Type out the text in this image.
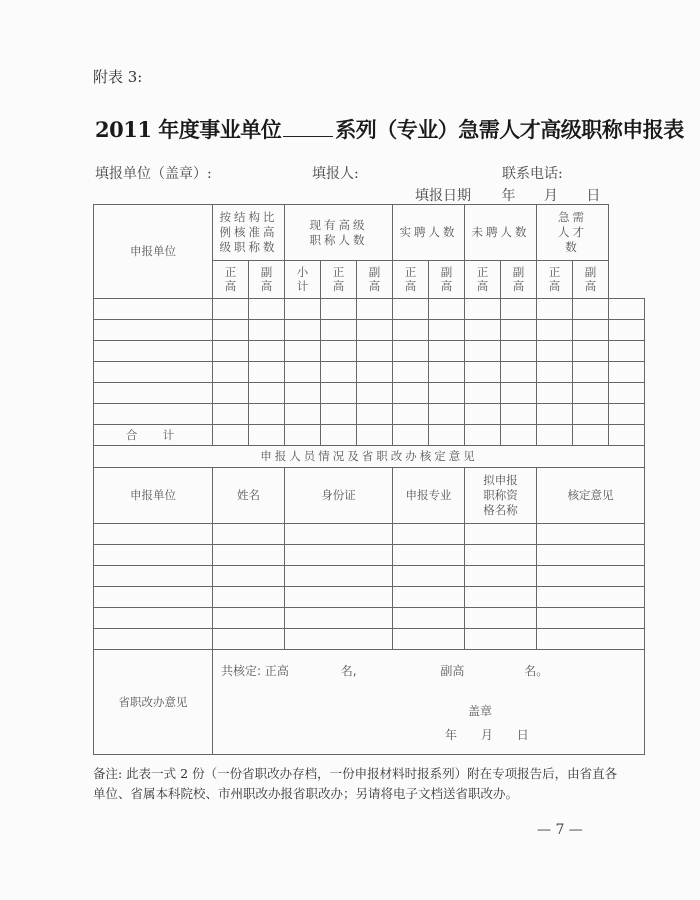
附表 3:
2011 年度事业单位	系列（专业）急需人才高级职称申报表
填报单位（盖章）:	填报人:	联系电话:
填报日期 年 月 日
申报单位	按结构比例核准高级职称数		现有高级职称人数			实聘人数		未聘人数		急需人才数		
	正高	副高	小计	正高	副高	正高	副高	正高	副高	正高	副高	

合  计												
申报人员情况及省职改办核定意见												
申报单位	姓名		身份证			申报专业		拟申报职称资格名称		核定意见		

省职改办意见	共核定: 正高 名, 副高 名。
盖章
年 月 日											
备注: 此表一式 2 份（一份省职改办存档，一份申报材料时报系列）附在专项报告后，由省直各单位、省属本科院校、市州职改办报省职改办；另请将电子文档送省职改办。
— 7 —
